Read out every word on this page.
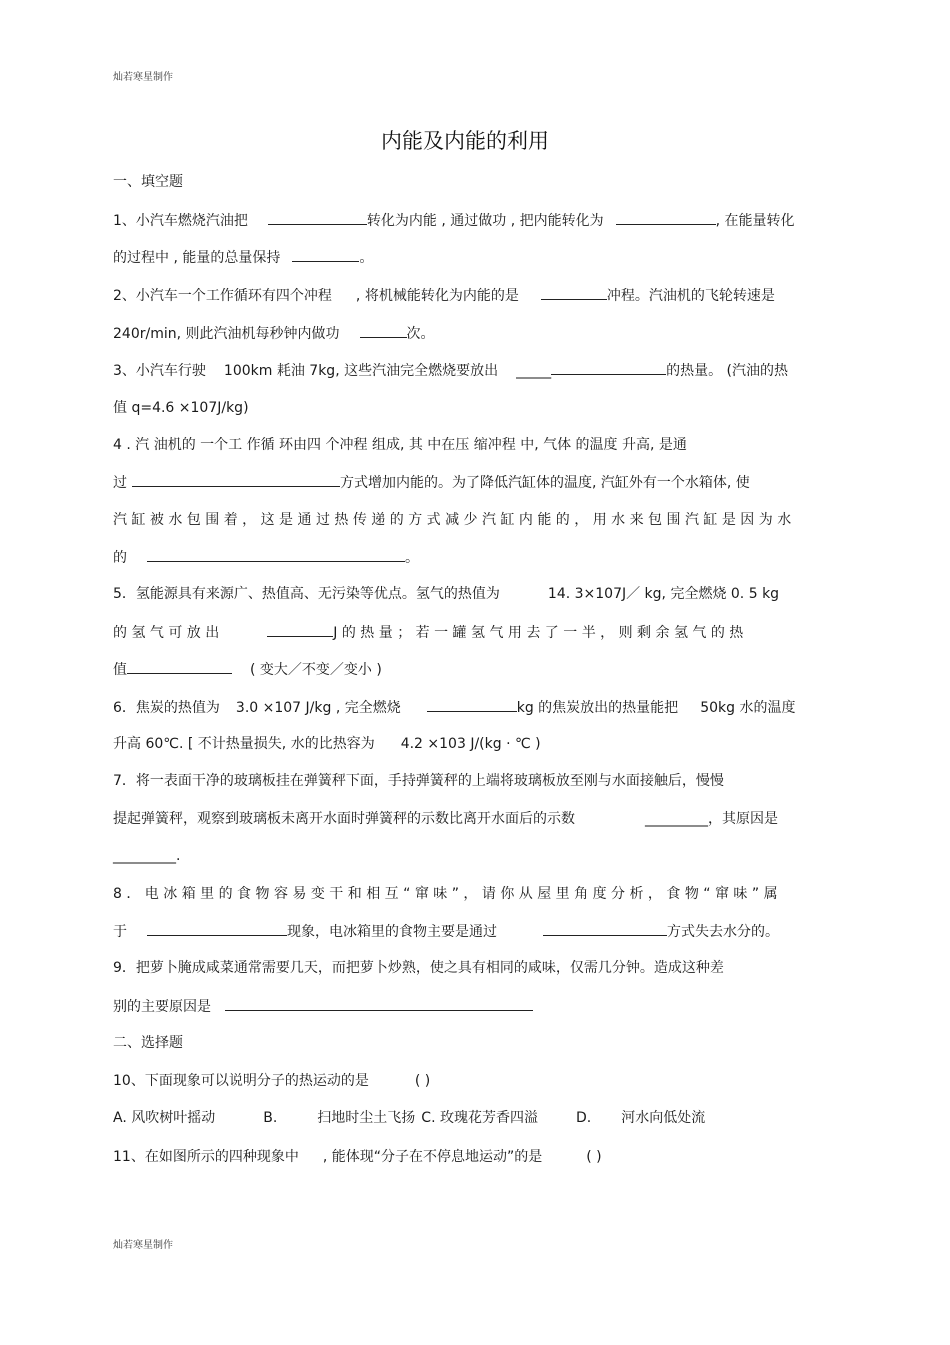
灿若寒星制作
内能及内能的利用
一、填空题
1、小汽车燃烧汽油把	转化为内能 , 通过做功 , 把内能转化为	, 在能量转化
的过程中 , 能量的总量保持	。
2、小汽车一个工作循环有四个冲程 , 将机械能转化为内能的是	冲程。汽油机的飞轮转速是
240r/min, 则此汽油机每秒钟内做功	次。
3、小汽车行驶 100km 耗油 7kg, 这些汽油完全燃烧要放出 _____	的热量。 (汽油的热
值 q=4.6 ×107J/kg)
4 . 汽 油机的 一个工 作循 环由四 个冲程 组成, 其 中在压 缩冲程 中, 气体 的温度 升高, 是通
过	方式增加内能的。为了降低汽缸体的温度, 汽缸外有一个水箱体, 使
汽 缸 被 水 包 围 着 ， 这 是 通 过 热 传 递 的 方 式 减 少 汽 缸 内 能 的 ， 用 水 来 包 围 汽 缸 是 因 为 水
的	。
5．氢能源具有来源广、热值高、无污染等优点。氢气的热值为	14. 3×107J／ kg, 完全燃烧 0. 5 kg
的 氢 气 可 放 出	J 的 热 量 ； 若 一 罐 氢 气 用 去 了 一 半 ， 则 剩 余 氢 气 的 热
值	( 变大／不变／变小 )
6．焦炭的热值为 3.0 ×107 J/kg , 完全燃烧	kg 的焦炭放出的热量能把 50kg 水的温度
升高 60℃. [ 不计热量损失, 水的比热容为 4.2 ×103 J/(kg · ℃ )
7．将一表面干净的玻璃板挂在弹簧秤下面，手持弹簧秤的上端将玻璃板放至刚与水面接触后，慢慢
提起弹簧秤，观察到玻璃板未离开水面时弹簧秤的示数比离开水面后的示数	_________，其原因是
_________.
8 ． 电 冰 箱 里 的 食 物 容 易 变 干 和 相 互 “ 窜 味 ” ， 请 你 从 屋 里 角 度 分 析 ， 食 物 “ 窜 味 ” 属
于	现象，电冰箱里的食物主要是通过	方式失去水分的。
9．把萝卜腌成咸菜通常需要几天，而把萝卜炒熟，使之具有相同的咸味，仅需几分钟。造成这种差
别的主要原因是
二、选择题
10、下面现象可以说明分子的热运动的是	( )
A. 风吹树叶摇动	B.	扫地时尘土飞扬 C. 玫瑰花芳香四溢	D. 河水向低处流
11、在如图所示的四种现象中 , 能体现“分子在不停息地运动”的是	( )
灿若寒星制作
